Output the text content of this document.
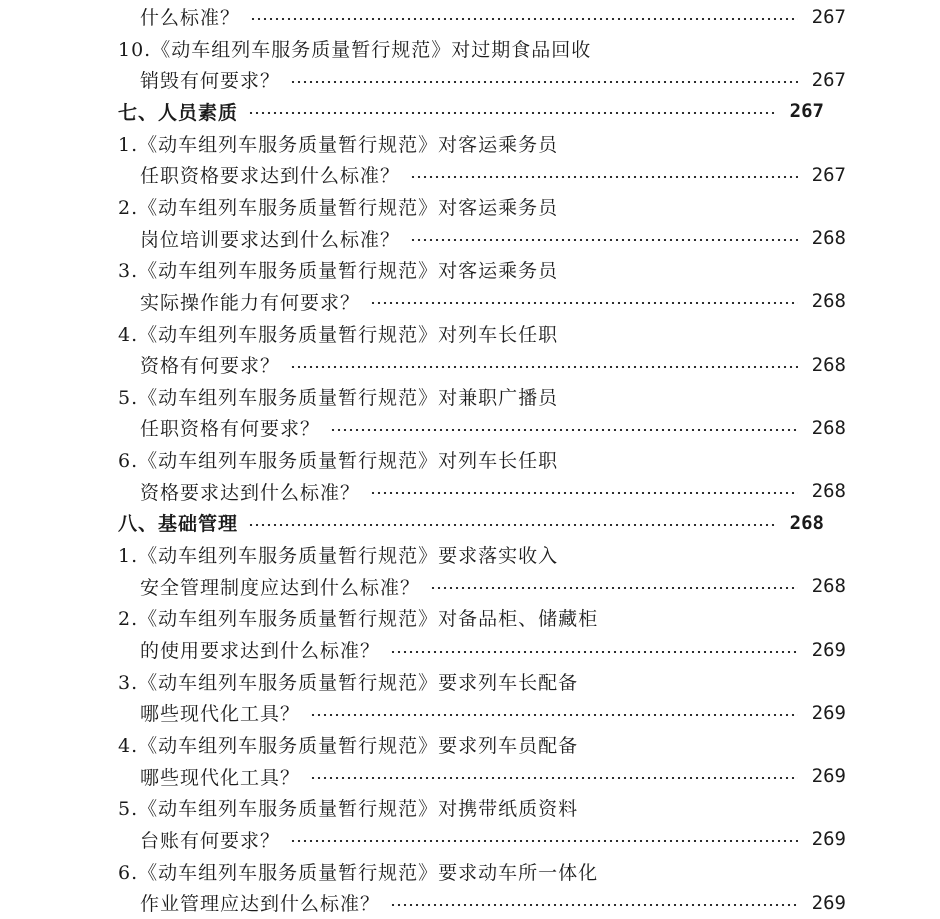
什么标准？	267
10.《动车组列车服务质量暂行规范》对过期食品回收
销毁有何要求？	267
七、人员素质	267
1.《动车组列车服务质量暂行规范》对客运乘务员
任职资格要求达到什么标准？	267
2.《动车组列车服务质量暂行规范》对客运乘务员
岗位培训要求达到什么标准？	268
3.《动车组列车服务质量暂行规范》对客运乘务员
实际操作能力有何要求？	268
4.《动车组列车服务质量暂行规范》对列车长任职
资格有何要求？	268
5.《动车组列车服务质量暂行规范》对兼职广播员
任职资格有何要求？	268
6.《动车组列车服务质量暂行规范》对列车长任职
资格要求达到什么标准？	268
八、基础管理	268
1.《动车组列车服务质量暂行规范》要求落实收入
安全管理制度应达到什么标准？	268
2.《动车组列车服务质量暂行规范》对备品柜、储藏柜
的使用要求达到什么标准？	269
3.《动车组列车服务质量暂行规范》要求列车长配备
哪些现代化工具？	269
4.《动车组列车服务质量暂行规范》要求列车员配备
哪些现代化工具？	269
5.《动车组列车服务质量暂行规范》对携带纸质资料
台账有何要求？	269
6.《动车组列车服务质量暂行规范》要求动车所一体化
作业管理应达到什么标准？	269
